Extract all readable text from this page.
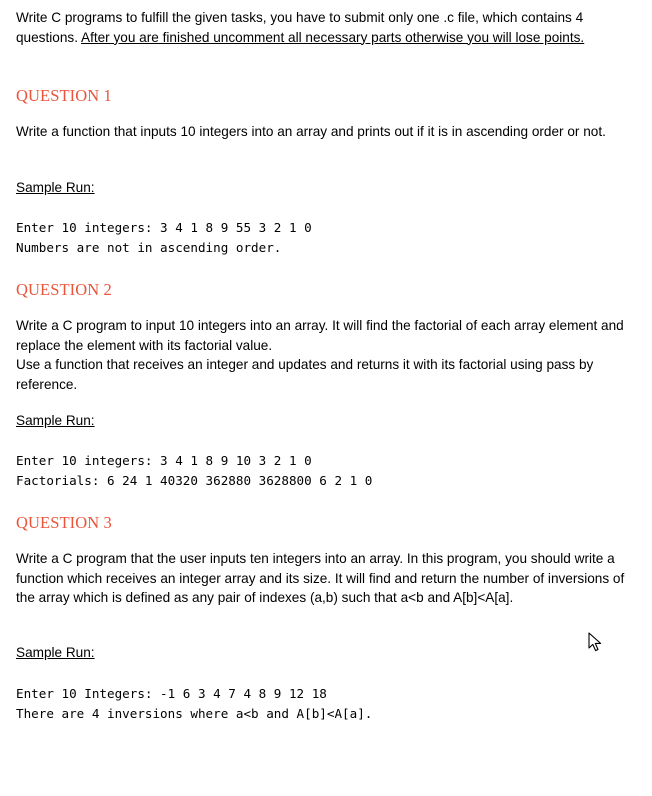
Write C programs to fulfill the given tasks, you have to submit only one .c file, which contains 4 questions. After you are finished uncomment all necessary parts otherwise you will lose points.

QUESTION 1

Write a function that inputs 10 integers into an array and prints out if it is in ascending order or not.

Sample Run:

Enter 10 integers: 3 4 1 8 9 55 3 2 1 0

Numbers are not in ascending order.

QUESTION 2

Write a C program to input 10 integers into an array. It will find the factorial of each array element and replace the element with its factorial value.

Use a function that receives an integer and updates and returns it with its factorial using pass by reference.

Sample Run:

Enter 10 integers: 3 4 1 8 9 10 3 2 1 0

Factorials: 6 24 1 40320 362880 3628800 6 2 1 0

QUESTION 3

Write a C program that the user inputs ten integers into an array. In this program, you should write a function which receives an integer array and its size. It will find and return the number of inversions of the array which is defined as any pair of indexes (a,b) such that a<b and A[b]<A[a].

Sample Run:

Enter 10 Integers: -1 6 3 4 7 4 8 9 12 18

There are 4 inversions where a<b and A[b]<A[a].
